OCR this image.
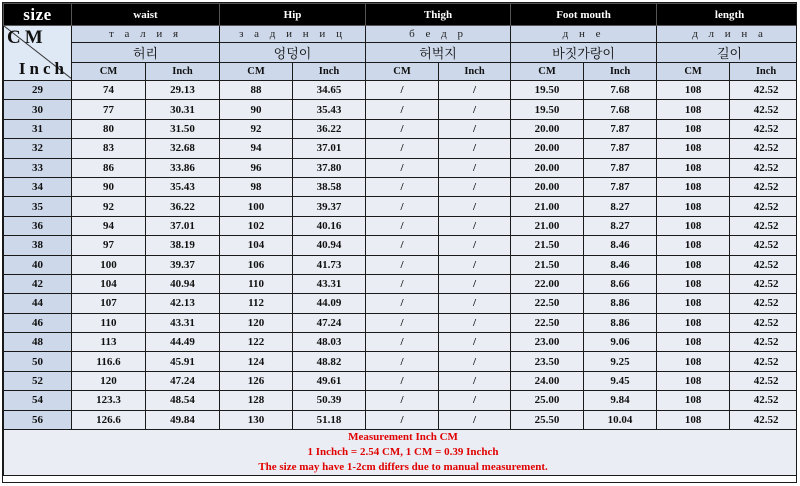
size	waist		Hip		Thigh		Foot mouth		length	

CM
Inch	т а л и я		з а д и н и ц		б е д р		д н е		д л и н а	
	허리		엉덩이		허벅지		바짓가랑이		길이	
	CM	Inch	CM	Inch	CM	Inch	CM	Inch	CM	Inch
29	74	29.13	88	34.65	/	/	19.50	7.68	108	42.52
30	77	30.31	90	35.43	/	/	19.50	7.68	108	42.52
31	80	31.50	92	36.22	/	/	20.00	7.87	108	42.52
32	83	32.68	94	37.01	/	/	20.00	7.87	108	42.52
33	86	33.86	96	37.80	/	/	20.00	7.87	108	42.52
34	90	35.43	98	38.58	/	/	20.00	7.87	108	42.52
35	92	36.22	100	39.37	/	/	21.00	8.27	108	42.52
36	94	37.01	102	40.16	/	/	21.00	8.27	108	42.52
38	97	38.19	104	40.94	/	/	21.50	8.46	108	42.52
40	100	39.37	106	41.73	/	/	21.50	8.46	108	42.52
42	104	40.94	110	43.31	/	/	22.00	8.66	108	42.52
44	107	42.13	112	44.09	/	/	22.50	8.86	108	42.52
46	110	43.31	120	47.24	/	/	22.50	8.86	108	42.52
48	113	44.49	122	48.03	/	/	23.00	9.06	108	42.52
50	116.6	45.91	124	48.82	/	/	23.50	9.25	108	42.52
52	120	47.24	126	49.61	/	/	24.00	9.45	108	42.52
54	123.3	48.54	128	50.39	/	/	25.00	9.84	108	42.52
56	126.6	49.84	130	51.18	/	/	25.50	10.04	108	42.52

Measurement Inch CM
1 Inchch = 2.54 CM, 1 CM = 0.39 Inchch
The size may have 1-2cm differs due to manual measurement.										
